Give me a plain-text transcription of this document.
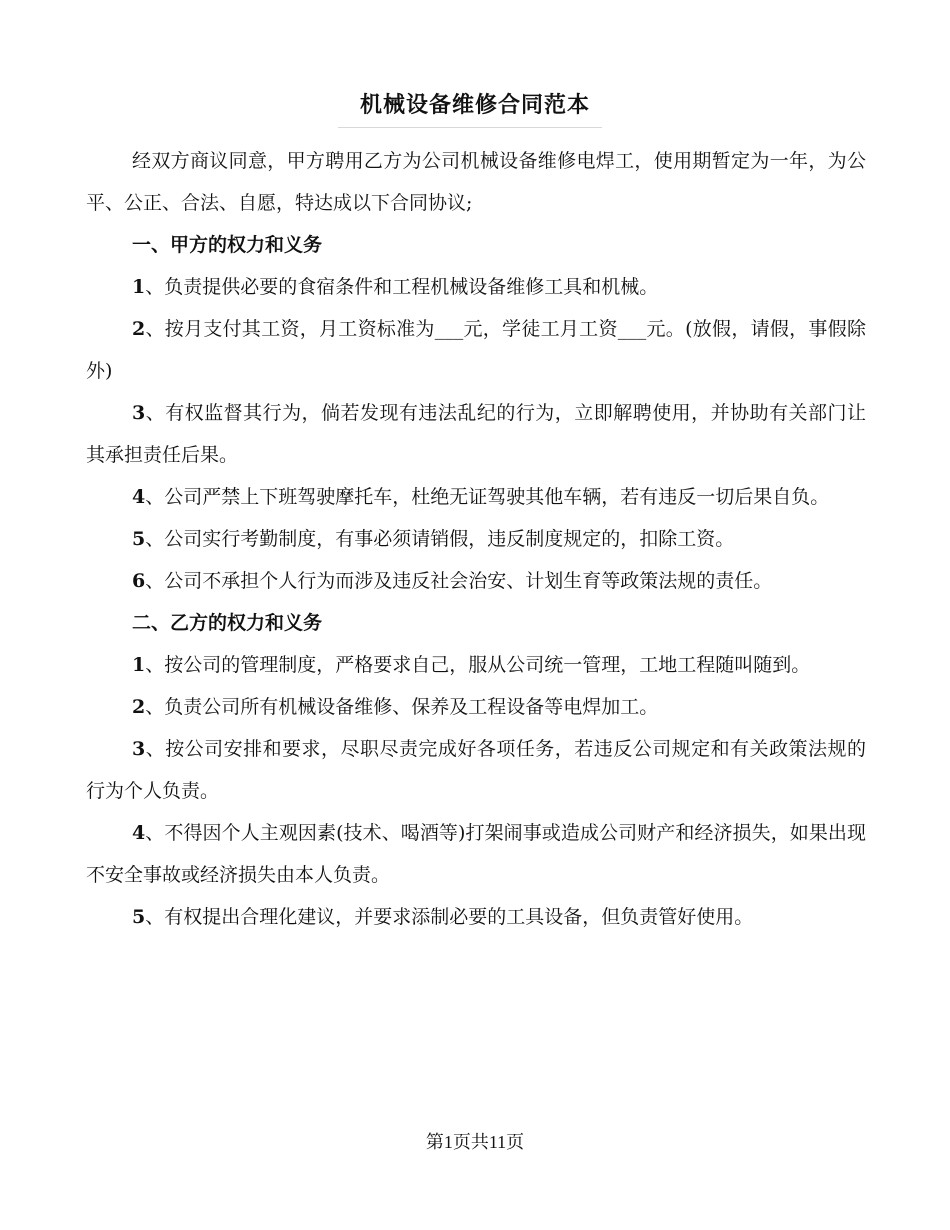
机械设备维修合同范本

经双方商议同意，甲方聘用乙方为公司机械设备维修电焊工，使用期暂定为一年，为公平、公正、合法、自愿，特达成以下合同协议;

一、甲方的权力和义务

1、负责提供必要的食宿条件和工程机械设备维修工具和机械。

2、按月支付其工资，月工资标准为___元，学徒工月工资___元。(放假，请假，事假除外)

3、有权监督其行为，倘若发现有违法乱纪的行为，立即解聘使用，并协助有关部门让其承担责任后果。

4、公司严禁上下班驾驶摩托车，杜绝无证驾驶其他车辆，若有违反一切后果自负。

5、公司实行考勤制度，有事必须请销假，违反制度规定的，扣除工资。

6、公司不承担个人行为而涉及违反社会治安、计划生育等政策法规的责任。

二、乙方的权力和义务

1、按公司的管理制度，严格要求自己，服从公司统一管理，工地工程随叫随到。

2、负责公司所有机械设备维修、保养及工程设备等电焊加工。

3、按公司安排和要求，尽职尽责完成好各项任务，若违反公司规定和有关政策法规的行为个人负责。

4、不得因个人主观因素(技术、喝酒等)打架闹事或造成公司财产和经济损失，如果出现不安全事故或经济损失由本人负责。

5、有权提出合理化建议，并要求添制必要的工具设备，但负责管好使用。

第1页共11页
